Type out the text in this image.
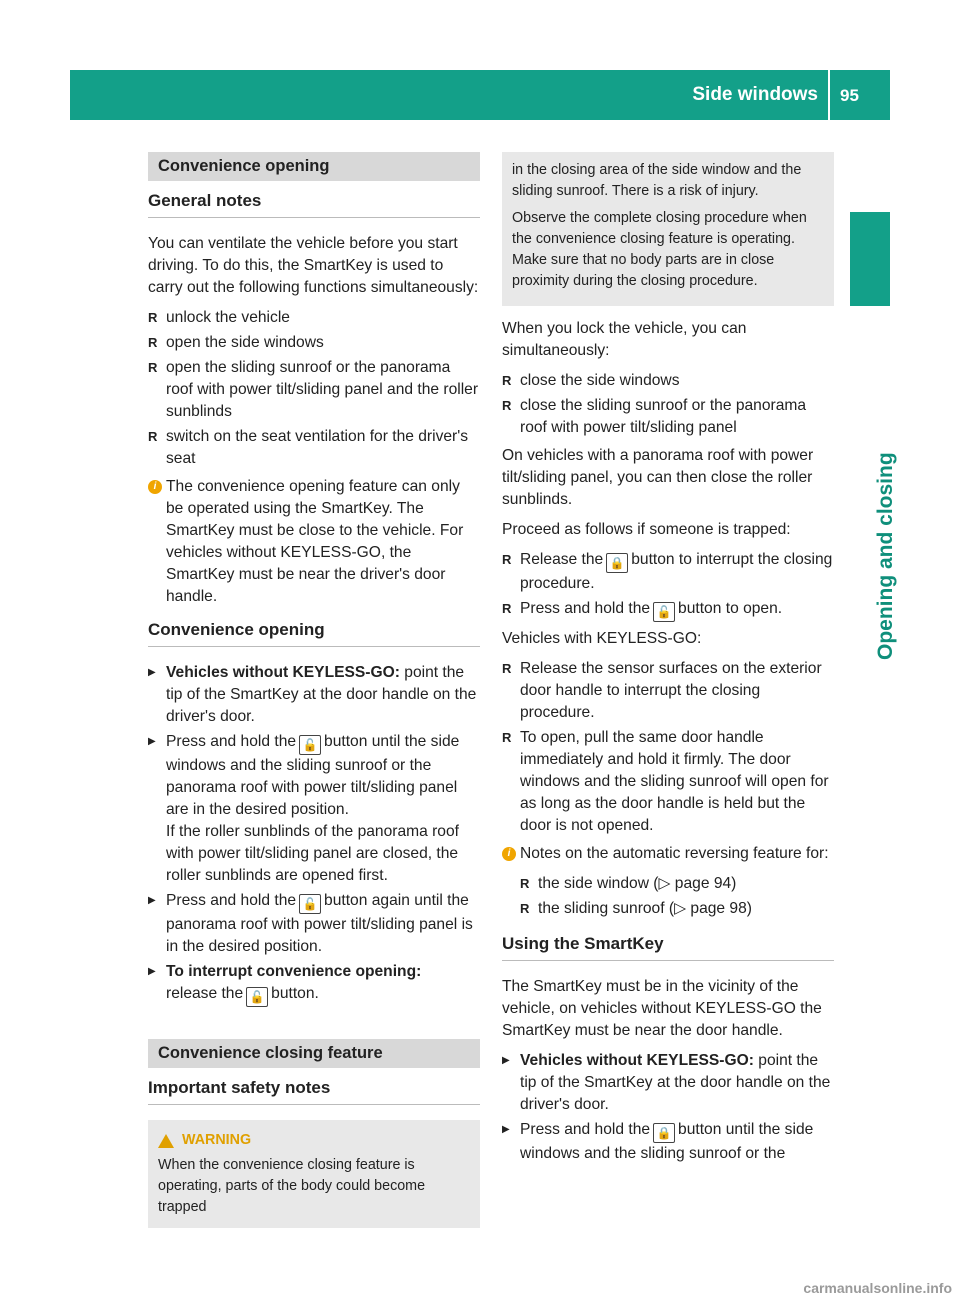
Side windows 95
Opening and closing
Convenience opening
General notes

You can ventilate the vehicle before you start driving. To do this, the SmartKey is used to carry out the following functions simultaneously:

R unlock the vehicle
R open the side windows
R open the sliding sunroof or the panorama roof with power tilt/sliding panel and the roller sunblinds
R switch on the seat ventilation for the driver's seat
i The convenience opening feature can only be operated using the SmartKey. The SmartKey must be close to the vehicle. For vehicles without KEYLESS-GO, the SmartKey must be near the driver's door handle.
Convenience opening
▶ Vehicles without KEYLESS-GO: point the tip of the SmartKey at the door handle on the driver's door.
▶ Press and hold the 🔓 button until the side windows and the sliding sunroof or the panorama roof with power tilt/sliding panel are in the desired position.
If the roller sunblinds of the panorama roof with power tilt/sliding panel are closed, the roller sunblinds are opened first.
▶ Press and hold the 🔓 button again until the panorama roof with power tilt/sliding panel is in the desired position.
▶ To interrupt convenience opening:
release the 🔓 button.
Convenience closing feature
Important safety notes
WARNING
When the convenience closing feature is operating, parts of the body could become trapped

in the closing area of the side window and the sliding sunroof. There is a risk of injury.

Observe the complete closing procedure when the convenience closing feature is operating. Make sure that no body parts are in close proximity during the closing procedure.

When you lock the vehicle, you can simultaneously:

R close the side windows
R close the sliding sunroof or the panorama roof with power tilt/sliding panel

On vehicles with a panorama roof with power tilt/sliding panel, you can then close the roller sunblinds.

Proceed as follows if someone is trapped:

R Release the 🔒 button to interrupt the closing procedure.
R Press and hold the 🔓 button to open.

Vehicles with KEYLESS-GO:

R Release the sensor surfaces on the exterior door handle to interrupt the closing procedure.
R To open, pull the same door handle immediately and hold it firmly. The door windows and the sliding sunroof will open for as long as the door handle is held but the door is not opened.
i Notes on the automatic reversing feature for:
R the side window (▷ page 94)
R the sliding sunroof (▷ page 98)
Using the SmartKey

The SmartKey must be in the vicinity of the vehicle, on vehicles without KEYLESS-GO the SmartKey must be near the door handle.

▶ Vehicles without KEYLESS-GO: point the tip of the SmartKey at the door handle on the driver's door.
▶ Press and hold the 🔒 button until the side windows and the sliding sunroof or the
carmanualsonline.info
